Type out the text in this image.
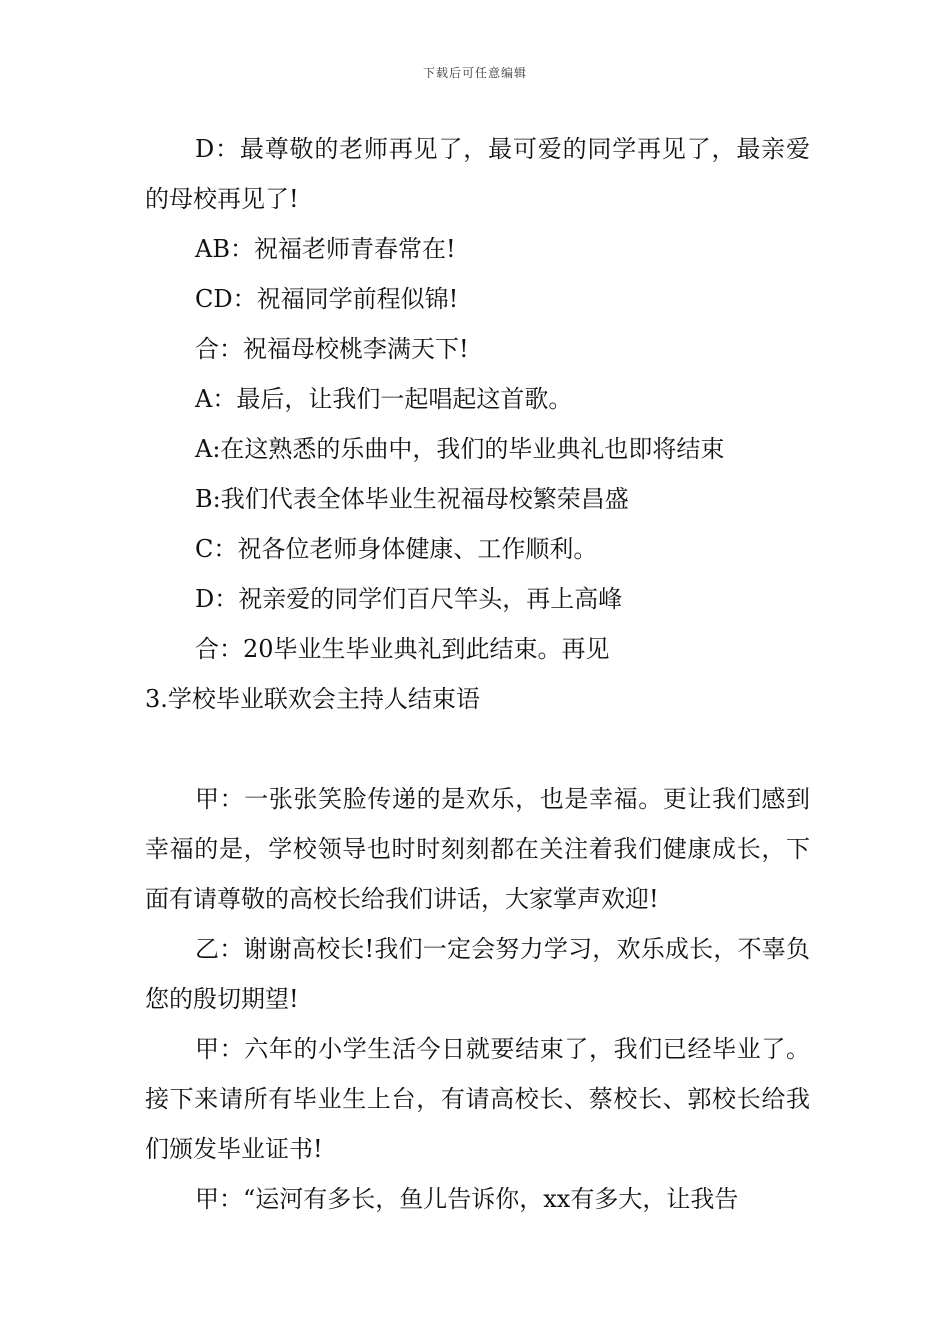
下载后可任意编辑

D：最尊敬的老师再见了，最可爱的同学再见了，最亲爱的母校再见了!

AB：祝福老师青春常在!

CD：祝福同学前程似锦!

合：祝福母校桃李满天下!

A：最后，让我们一起唱起这首歌。

A:在这熟悉的乐曲中，我们的毕业典礼也即将结束

B:我们代表全体毕业生祝福母校繁荣昌盛

C：祝各位老师身体健康、工作顺利。

D：祝亲爱的同学们百尺竿头，再上高峰

合：20毕业生毕业典礼到此结束。再见

3.学校毕业联欢会主持人结束语

甲：一张张笑脸传递的是欢乐，也是幸福。更让我们感到幸福的是，学校领导也时时刻刻都在关注着我们健康成长，下面有请尊敬的高校长给我们讲话，大家掌声欢迎!

乙：谢谢高校长!我们一定会努力学习，欢乐成长，不辜负您的殷切期望!

甲：六年的小学生活今日就要结束了，我们已经毕业了。接下来请所有毕业生上台，有请高校长、蔡校长、郭校长给我们颁发毕业证书!

甲：“运河有多长，鱼儿告诉你，xx有多大，让我告
